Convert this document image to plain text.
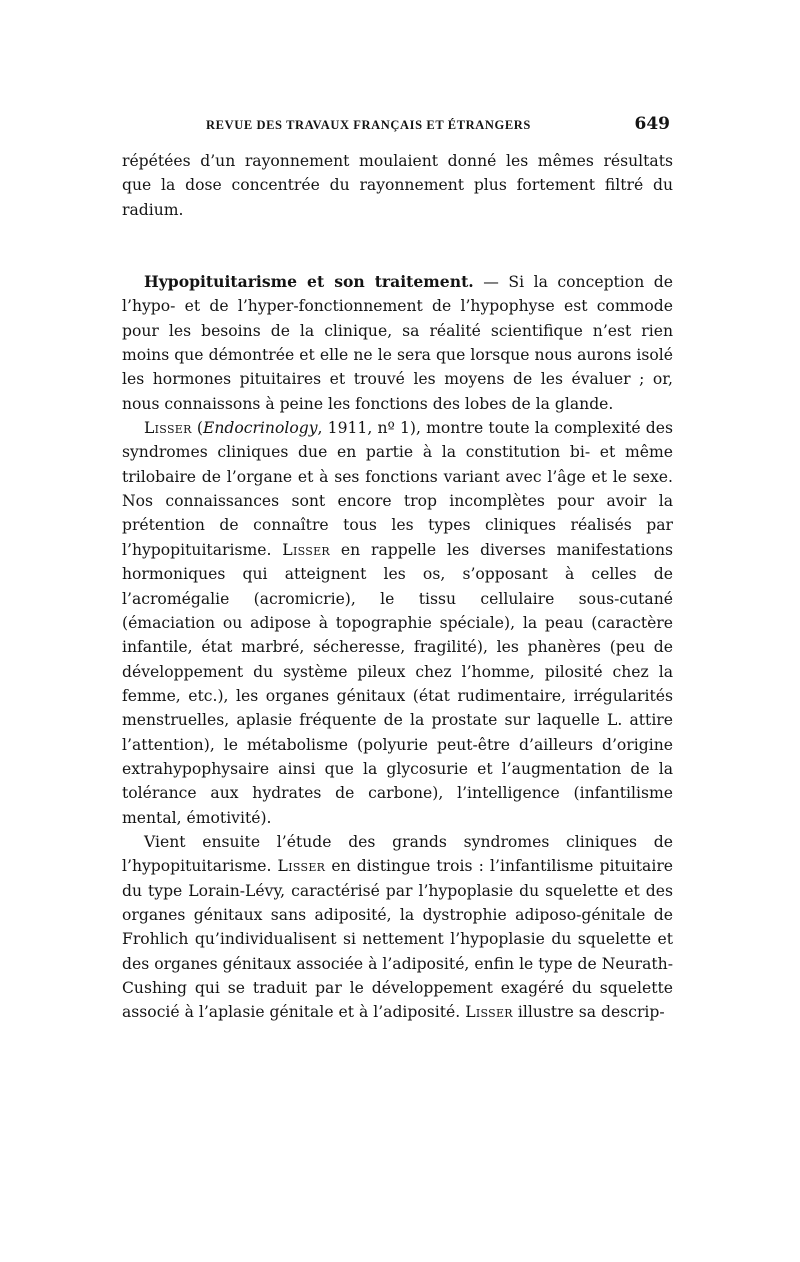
REVUE DES TRAVAUX FRANÇAIS ET ÉTRANGERS	649

répétées d’un rayonnement moulaient donné les mêmes résultats que la dose concentrée du rayonnement plus fortement filtré du radium.

Hypopituitarisme et son traitement. — Si la conception de l’hypo- et de l’hyper-fonctionnement de l’hypophyse est commode pour les besoins de la clinique, sa réalité scientifique n’est rien moins que démontrée et elle ne le sera que lorsque nous aurons isolé les hormones pituitaires et trouvé les moyens de les évaluer ; or, nous connaissons à peine les fonctions des lobes de la glande.

Lisser (Endocrinology, 1911, nº 1), montre toute la complexité des syndromes cliniques due en partie à la constitution bi- et même trilobaire de l’organe et à ses fonctions variant avec l’âge et le sexe. Nos connaissances sont encore trop incomplètes pour avoir la prétention de connaître tous les types cliniques réalisés par l’hypopituitarisme. Lisser en rappelle les diverses manifestations hormoniques qui atteignent les os, s’opposant à celles de l’acromégalie (acromicrie), le tissu cellulaire sous-cutané (émaciation ou adipose à topographie spéciale), la peau (caractère infantile, état marbré, sécheresse, fragilité), les phanères (peu de développement du système pileux chez l’homme, pilosité chez la femme, etc.), les organes génitaux (état rudimentaire, irrégularités menstruelles, aplasie fréquente de la prostate sur laquelle L. attire l’attention), le métabolisme (polyurie peut-être d’ailleurs d’origine extrahypophysaire ainsi que la glycosurie et l’augmentation de la tolérance aux hydrates de carbone), l’intelligence (infantilisme mental, émotivité).

Vient ensuite l’étude des grands syndromes cliniques de l’hypopituitarisme. Lisser en distingue trois : l’infantilisme pituitaire du type Lorain-Lévy, caractérisé par l’hypoplasie du squelette et des organes génitaux sans adiposité, la dystrophie adiposo-génitale de Frohlich qu’individualisent si nettement l’hypoplasie du squelette et des organes génitaux associée à l’adiposité, enfin le type de Neurath-Cushing qui se traduit par le développement exagéré du squelette associé à l’aplasie génitale et à l’adiposité. Lisser illustre sa descrip-
